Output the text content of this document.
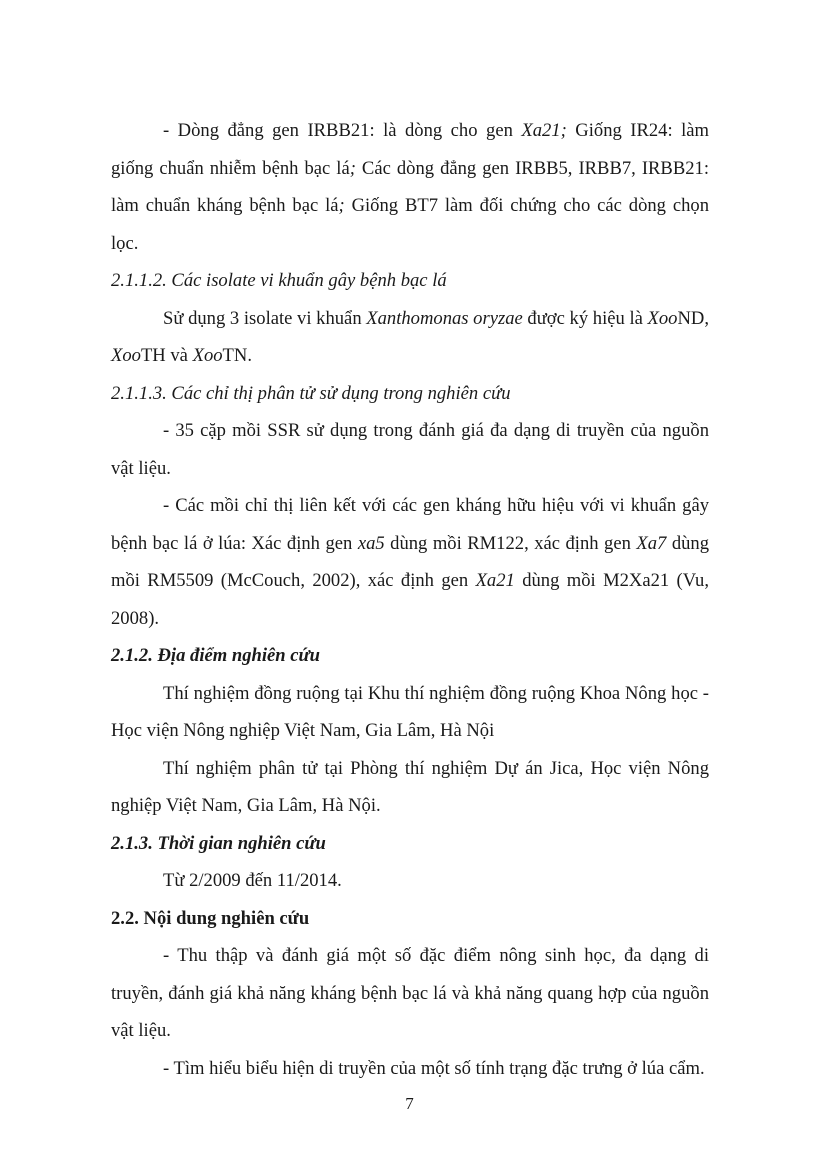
- Dòng đẳng gen IRBB21: là dòng cho gen Xa21; Giống IR24: làm giống chuẩn nhiễm bệnh bạc lá; Các dòng đẳng gen IRBB5, IRBB7, IRBB21: làm chuẩn kháng bệnh bạc lá; Giống BT7 làm đối chứng cho các dòng chọn lọc.

2.1.1.2. Các isolate vi khuẩn gây bệnh bạc lá

Sử dụng 3 isolate vi khuẩn Xanthomonas oryzae được ký hiệu là XooND, XooTH và XooTN.

2.1.1.3. Các chỉ thị phân tử sử dụng trong nghiên cứu

- 35 cặp mồi SSR sử dụng trong đánh giá đa dạng di truyền của nguồn vật liệu.

- Các mồi chỉ thị liên kết với các gen kháng hữu hiệu với vi khuẩn gây bệnh bạc lá ở lúa: Xác định gen xa5 dùng mồi RM122, xác định gen Xa7 dùng mồi RM5509 (McCouch, 2002), xác định gen Xa21 dùng mồi M2Xa21 (Vu, 2008).

2.1.2. Địa điểm nghiên cứu

Thí nghiệm đồng ruộng tại Khu thí nghiệm đồng ruộng Khoa Nông học - Học viện Nông nghiệp Việt Nam, Gia Lâm, Hà Nội

Thí nghiệm phân tử tại Phòng thí nghiệm Dự án Jica, Học viện Nông nghiệp Việt Nam, Gia Lâm, Hà Nội.

2.1.3. Thời gian nghiên cứu

Từ 2/2009 đến 11/2014.

2.2. Nội dung nghiên cứu

- Thu thập và đánh giá một số đặc điểm nông sinh học, đa dạng di truyền, đánh giá khả năng kháng bệnh bạc lá và khả năng quang hợp của nguồn vật liệu.

- Tìm hiểu biểu hiện di truyền của một số tính trạng đặc trưng ở lúa cẩm.

7
